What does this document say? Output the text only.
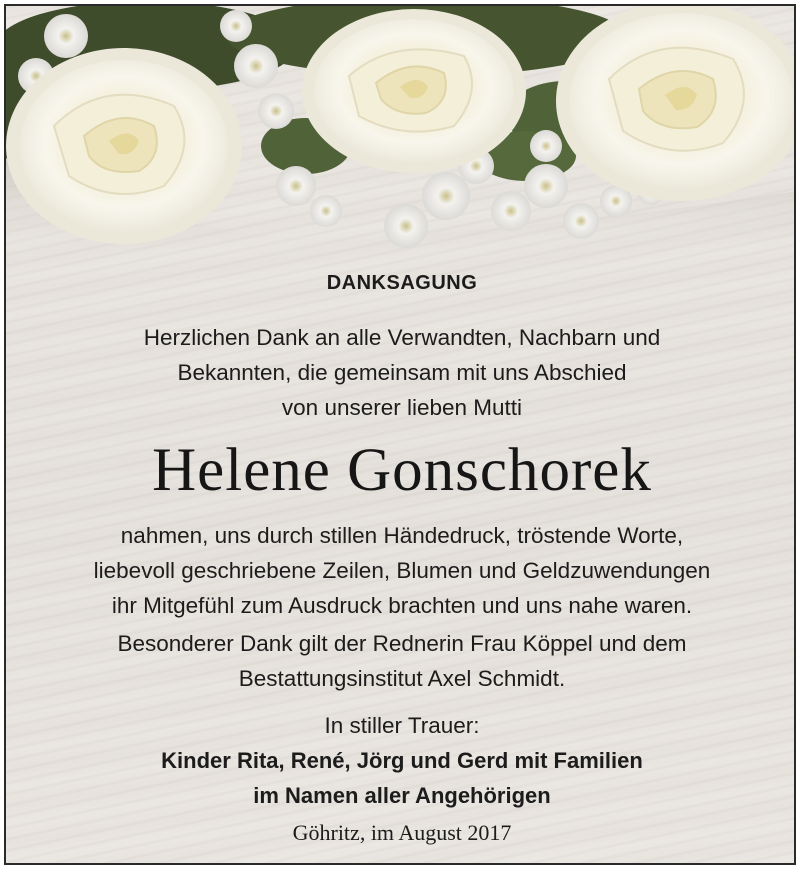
DANKSAGUNG
Herzlichen Dank an alle Verwandten, Nachbarn und
Bekannten, die gemeinsam mit uns Abschied
von unserer lieben Mutti
Helene Gonschorek
nahmen, uns durch stillen Händedruck, tröstende Worte,
liebevoll geschriebene Zeilen, Blumen und Geldzuwendungen
ihr Mitgefühl zum Ausdruck brachten und uns nahe waren.
Besonderer Dank gilt der Rednerin Frau Köppel und dem
Bestattungsinstitut Axel Schmidt.
In stiller Trauer:
Kinder Rita, René, Jörg und Gerd mit Familien
im Namen aller Angehörigen
Göhritz, im August 2017
